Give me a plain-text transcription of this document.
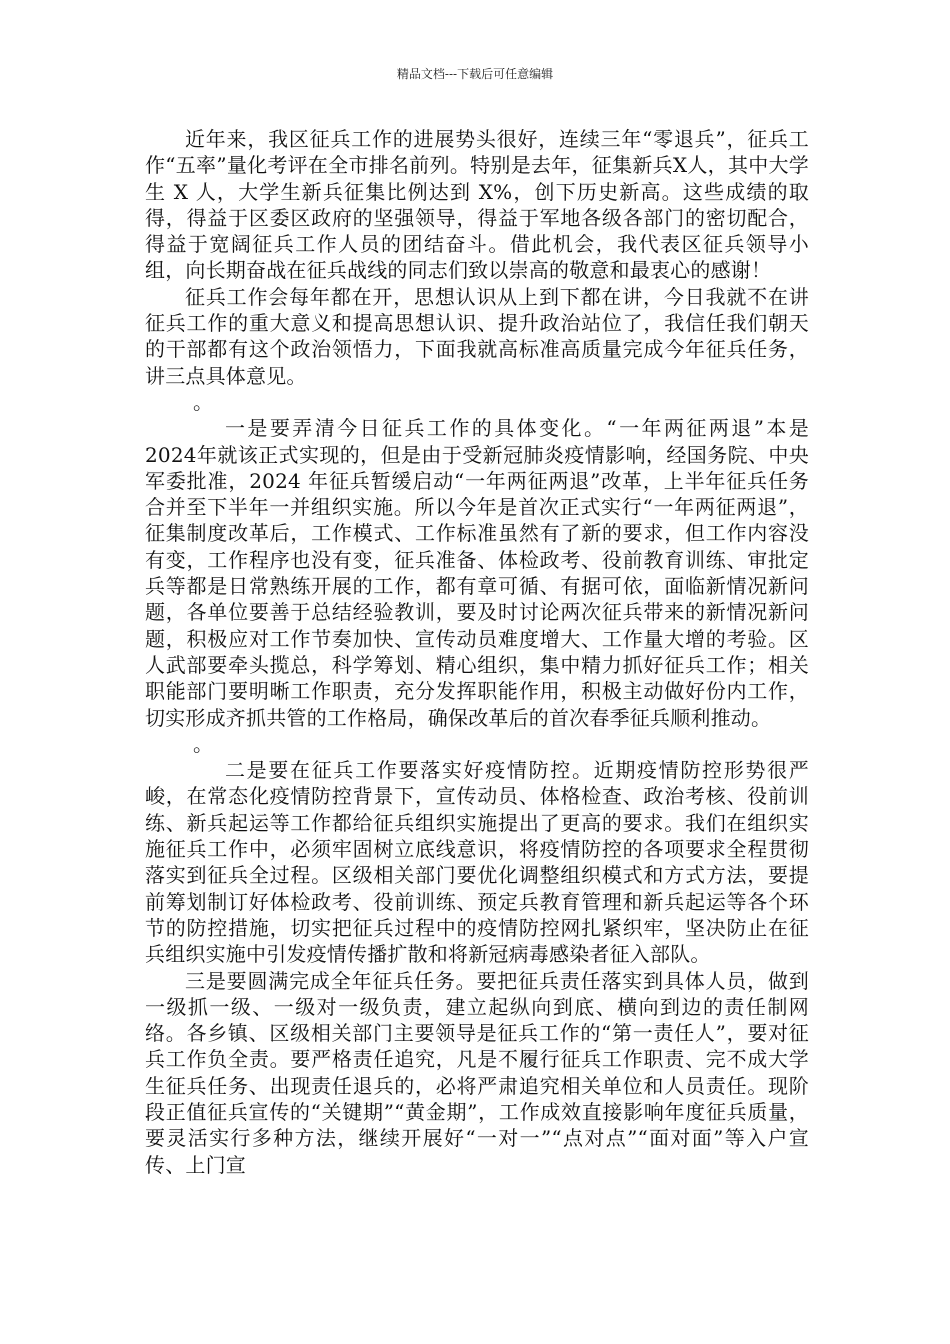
精品文档---下载后可任意编辑

近年来，我区征兵工作的进展势头很好，连续三年“零退兵”，征兵工作“五率”量化考评在全市排名前列。特别是去年，征集新兵X人，其中大学生 X 人，大学生新兵征集比例达到 X%，创下历史新高。这些成绩的取得，得益于区委区政府的坚强领导，得益于军地各级各部门的密切配合，得益于宽阔征兵工作人员的团结奋斗。借此机会，我代表区征兵领导小组，向长期奋战在征兵战线的同志们致以崇高的敬意和最衷心的感谢！

征兵工作会每年都在开，思想认识从上到下都在讲，今日我就不在讲征兵工作的重大意义和提高思想认识、提升政治站位了，我信任我们朝天的干部都有这个政治领悟力，下面我就高标准高质量完成今年征兵任务，讲三点具体意见。

。

一是要弄清今日征兵工作的具体变化。“一年两征两退”本是 2024年就该正式实现的，但是由于受新冠肺炎疫情影响，经国务院、中央军委批准，2024 年征兵暂缓启动“一年两征两退”改革，上半年征兵任务合并至下半年一并组织实施。所以今年是首次正式实行“一年两征两退”，征集制度改革后，工作模式、工作标准虽然有了新的要求，但工作内容没有变，工作程序也没有变，征兵准备、体检政考、役前教育训练、审批定兵等都是日常熟练开展的工作，都有章可循、有据可依，面临新情况新问题，各单位要善于总结经验教训，要及时讨论两次征兵带来的新情况新问题，积极应对工作节奏加快、宣传动员难度增大、工作量大增的考验。区人武部要牵头揽总，科学筹划、精心组织，集中精力抓好征兵工作；相关职能部门要明晰工作职责，充分发挥职能作用，积极主动做好份内工作，切实形成齐抓共管的工作格局，确保改革后的首次春季征兵顺利推动。

。

二是要在征兵工作要落实好疫情防控。近期疫情防控形势很严峻，在常态化疫情防控背景下，宣传动员、体格检查、政治考核、役前训练、新兵起运等工作都给征兵组织实施提出了更高的要求。我们在组织实施征兵工作中，必须牢固树立底线意识，将疫情防控的各项要求全程贯彻落实到征兵全过程。区级相关部门要优化调整组织模式和方式方法，要提前筹划制订好体检政考、役前训练、预定兵教育管理和新兵起运等各个环节的防控措施，切实把征兵过程中的疫情防控网扎紧织牢，坚决防止在征兵组织实施中引发疫情传播扩散和将新冠病毒感染者征入部队。

三是要圆满完成全年征兵任务。要把征兵责任落实到具体人员，做到一级抓一级、一级对一级负责，建立起纵向到底、横向到边的责任制网络。各乡镇、区级相关部门主要领导是征兵工作的“第一责任人”，要对征兵工作负全责。要严格责任追究，凡是不履行征兵工作职责、完不成大学生征兵任务、出现责任退兵的，必将严肃追究相关单位和人员责任。现阶段正值征兵宣传的“关键期”“黄金期”，工作成效直接影响年度征兵质量，要灵活实行多种方法，继续开展好“一对一”“点对点”“面对面”等入户宣传、上门宣
